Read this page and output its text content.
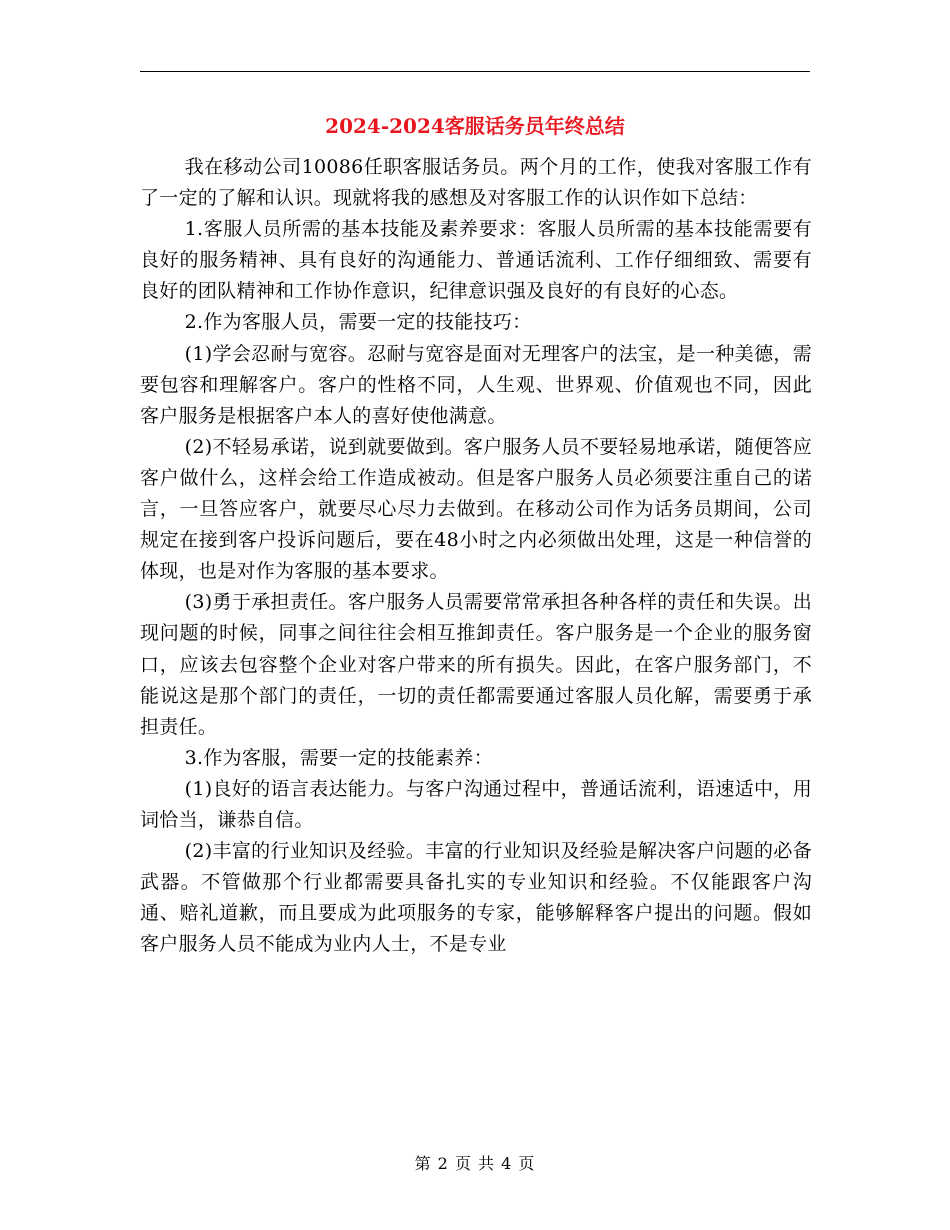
2024-2024客服话务员年终总结

我在移动公司10086任职客服话务员。两个月的工作，使我对客服工作有了一定的了解和认识。现就将我的感想及对客服工作的认识作如下总结：

1.客服人员所需的基本技能及素养要求：客服人员所需的基本技能需要有良好的服务精神、具有良好的沟通能力、普通话流利、工作仔细细致、需要有良好的团队精神和工作协作意识，纪律意识强及良好的有良好的心态。

2.作为客服人员，需要一定的技能技巧：

(1)学会忍耐与宽容。忍耐与宽容是面对无理客户的法宝，是一种美德，需要包容和理解客户。客户的性格不同，人生观、世界观、价值观也不同，因此客户服务是根据客户本人的喜好使他满意。

(2)不轻易承诺，说到就要做到。客户服务人员不要轻易地承诺，随便答应客户做什么，这样会给工作造成被动。但是客户服务人员必须要注重自己的诺言，一旦答应客户，就要尽心尽力去做到。在移动公司作为话务员期间，公司规定在接到客户投诉问题后，要在48小时之内必须做出处理，这是一种信誉的体现，也是对作为客服的基本要求。

(3)勇于承担责任。客户服务人员需要常常承担各种各样的责任和失误。出现问题的时候，同事之间往往会相互推卸责任。客户服务是一个企业的服务窗口，应该去包容整个企业对客户带来的所有损失。因此，在客户服务部门，不能说这是那个部门的责任，一切的责任都需要通过客服人员化解，需要勇于承担责任。

3.作为客服，需要一定的技能素养：

(1)良好的语言表达能力。与客户沟通过程中，普通话流利，语速适中，用词恰当，谦恭自信。

(2)丰富的行业知识及经验。丰富的行业知识及经验是解决客户问题的必备武器。不管做那个行业都需要具备扎实的专业知识和经验。不仅能跟客户沟通、赔礼道歉，而且要成为此项服务的专家，能够解释客户提出的问题。假如客户服务人员不能成为业内人士，不是专业

第 2 页 共 4 页
